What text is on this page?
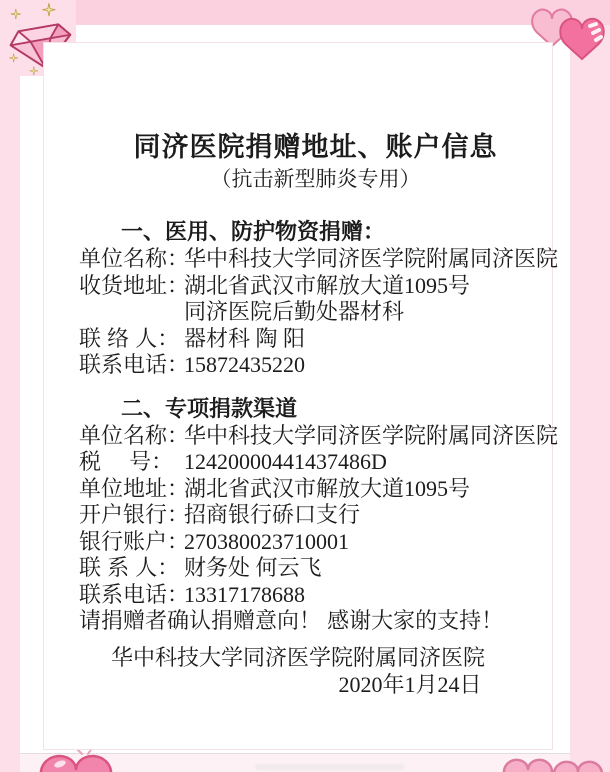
同济医院捐赠地址、账户信息
（抗击新型肺炎专用）
一、医用、防护物资捐赠：
单位名称：华中科技大学同济医学院附属同济医院
收货地址：湖北省武汉市解放大道1095号
同济医院后勤处器材科
联 络 人： 器材科 陶 阳
联系电话：15872435220
二、专项捐款渠道
单位名称：华中科技大学同济医学院附属同济医院
税　 号： 12420000441437486D
单位地址：湖北省武汉市解放大道1095号
开户银行：招商银行硚口支行
银行账户：270380023710001
联 系 人： 财务处 何云飞
联系电话：13317178688
请捐赠者确认捐赠意向！ 感谢大家的支持！
华中科技大学同济医学院附属同济医院
2020年1月24日
